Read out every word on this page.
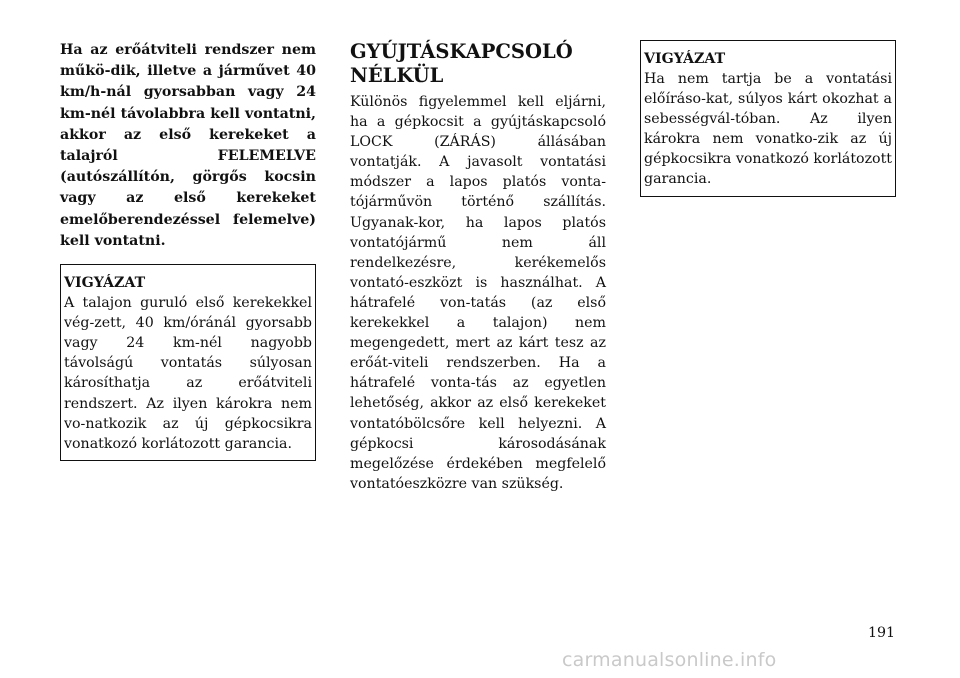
Ha az erőátviteli rendszer nem műkö-dik, illetve a járművet 40 km/h-nál gyorsabban vagy 24 km-nél távolabbra kell vontatni, akkor az első kerekeket a talajról FELEMELVE (autószállítón, görgős kocsin vagy az első kerekeket emelőberendezéssel felemelve) kell vontatni.

VIGYÁZAT

A talajon guruló első kerekekkel vég-zett, 40 km/óránál gyorsabb vagy 24 km-nél nagyobb távolságú vontatás súlyosan károsíthatja az erőátviteli rendszert. Az ilyen károkra nem vo-natkozik az új gépkocsikra vonatkozó korlátozott garancia.

GYÚJTÁSKAPCSOLÓ
NÉLKÜL

Különös figyelemmel kell eljárni, ha a gépkocsit a gyújtáskapcsoló LOCK (ZÁRÁS) állásában vontatják. A javasolt vontatási módszer a lapos platós vonta-tójárművön történő szállítás. Ugyanak-kor, ha lapos platós vontatójármű nem áll rendelkezésre, kerékemelős vontató-eszközt is használhat. A hátrafelé von-tatás (az első kerekekkel a talajon) nem megengedett, mert az kárt tesz az erőát-viteli rendszerben. Ha a hátrafelé vonta-tás az egyetlen lehetőség, akkor az első kerekeket vontatóbölcsőre kell helyezni. A gépkocsi károsodásának megelőzése érdekében megfelelő vontatóeszközre van szükség.

VIGYÁZAT

Ha nem tartja be a vontatási előíráso-kat, súlyos kárt okozhat a sebességvál-tóban. Az ilyen károkra nem vonatko-zik az új gépkocsikra vonatkozó korlátozott garancia.

191
carmanualsonline.info
